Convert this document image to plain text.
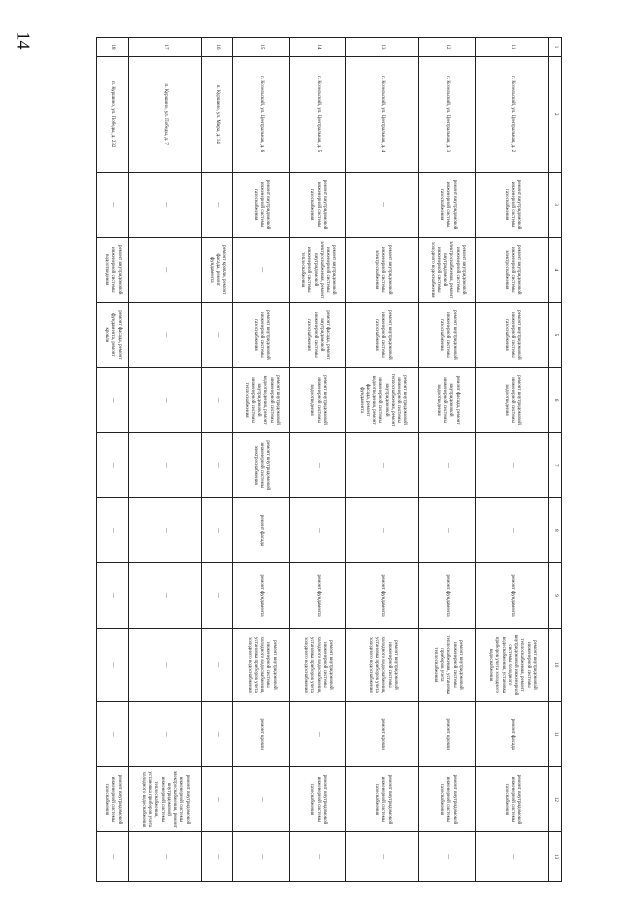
14	1	2	3	4	5	6	7	8	9	10	11	12	13
11	г. Козельский, ул. Центральная, д. 2	ремонт внутридомовой инженерной системы газоснабжения	ремонт внутридомовой инженерной системы электроснабжения	ремонт внутридомовой инженерной системы газоснабжения	ремонт внутридомовой инженерной системы водоотведения	—	—	ремонт фундамента	ремонт внутридомовой инженерной системы теплоснабжения, ремонт внутридомовой инженерной системы холодного водоснабжения, установка приборов учета холодного водоснабжения	ремонт фасада	ремонт внутридомовой инженерной системы газоснабжения	—
12	г. Козельский, ул. Центральная, д. 3	ремонт внутридомовой инженерной системы газоснабжения	ремонт внутридомовой инженерной системы электроснабжения, ремонт внутридомовой инженерной системы холодного водоснабжения	ремонт внутридомовой инженерной системы газоснабжения	ремонт фасада, ремонт внутридомовой инженерной системы водоотведения	—	—	ремонт фундамента	ремонт внутридомовой инженерной системы теплоснабжения, установка приборов учета теплоснабжения	ремонт кровли	ремонт внутридомовой инженерной системы газоснабжения	—
13	г. Козельский, ул. Центральная, д. 4	—	ремонт внутридомовой инженерной системы электроснабжения	ремонт внутридомовой инженерной системы газоснабжения	ремонт внутридомовой инженерной системы теплоснабжения, ремонт внутридомовой инженерной системы водоотведения, ремонт фасада, ремонт фундамента	—	—	ремонт фундамента	ремонт внутридомовой инженерной системы холодного водоснабжения, установка приборов учета холодного водоснабжения	ремонт кровли	ремонт внутридомовой инженерной системы газоснабжения	—
14	г. Козельский, ул. Центральная, д. 5	ремонт внутридомовой инженерной системы газоснабжения	ремонт внутридомовой инженерной системы электроснабжения, ремонт внутридомовой инженерной системы теплоснабжения	ремонт фасада, ремонт внутридомовой инженерной системы газоснабжения	ремонт внутридомовой инженерной системы водоотведения	—	—	ремонт фундамента	ремонт внутридомовой инженерной системы холодного водоснабжения, установка приборов учета холодного водоснабжения	—	ремонт внутридомовой инженерной системы газоснабжения	—
15	г. Козельский, ул. Центральная, д. 6	ремонт внутридомовой инженерной системы газоснабжения	—	ремонт внутридомовой инженерной системы газоснабжения	ремонт внутридомовой инженерной системы водоотведения, ремонт внутридомовой инженерной системы теплоснабжения	ремонт внутридомовой инженерной системы электроснабжения	ремонт фасада	ремонт фундамента	ремонт внутридомовой инженерной системы холодного водоснабжения, установка приборов учета холодного водоснабжения	ремонт кровли	—	—
16	п. Куршино, ул. Мира, д. 14	—	ремонт кровли, ремонт фасада, ремонт фундамента	—	—	—	—	—	—	—	—	—
17	п. Куршино, ул. Победы, д. 7	—	—	—	—	—	—	—	—	—	ремонт внутридомовой инженерной системы электроснабжения, ремонт внутридомовой инженерной системы теплоснабжения, установка приборов учета холодного водоснабжения	—
18	п. Куршино, ул. Победы, д. 232	—	ремонт внутридомовой инженерной системы водоотведения	ремонт фасада, ремонт фундамента, ремонт кровли	—	—	—	—	—	—	ремонт внутридомовой инженерной системы газоснабжения	—
